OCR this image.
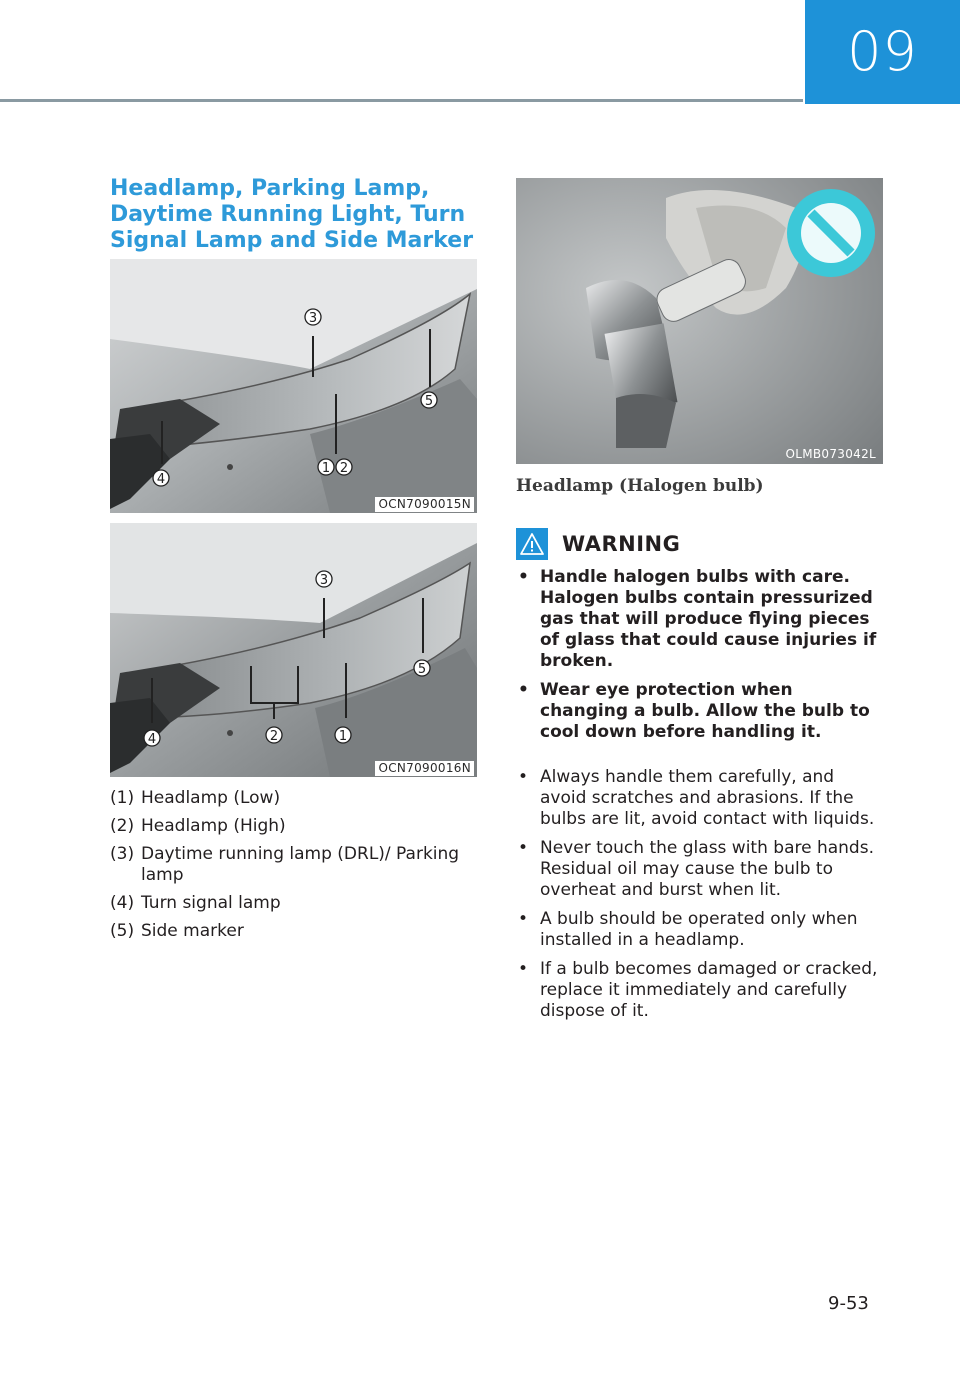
09
Headlamp, Parking Lamp, Daytime Running Light, Turn Signal Lamp and Side Marker
3
5
4
1 2
OCN7090015N
3
5
4	2	1
OCN7090016N
(1) Headlamp (Low)
(2) Headlamp (High)
(3) Daytime running lamp (DRL)/ Parking lamp
(4) Turn signal lamp
(5) Side marker
OLMB073042L
Headlamp (Halogen bulb)
WARNING
• Handle halogen bulbs with care. Halogen bulbs contain pressurized gas that will produce flying pieces of glass that could cause injuries if broken.
• Wear eye protection when changing a bulb. Allow the bulb to cool down before handling it.
• Always handle them carefully, and avoid scratches and abrasions. If the bulbs are lit, avoid contact with liquids.
• Never touch the glass with bare hands. Residual oil may cause the bulb to overheat and burst when lit.
• A bulb should be operated only when installed in a headlamp.
• If a bulb becomes damaged or cracked, replace it immediately and carefully dispose of it.
9-53
